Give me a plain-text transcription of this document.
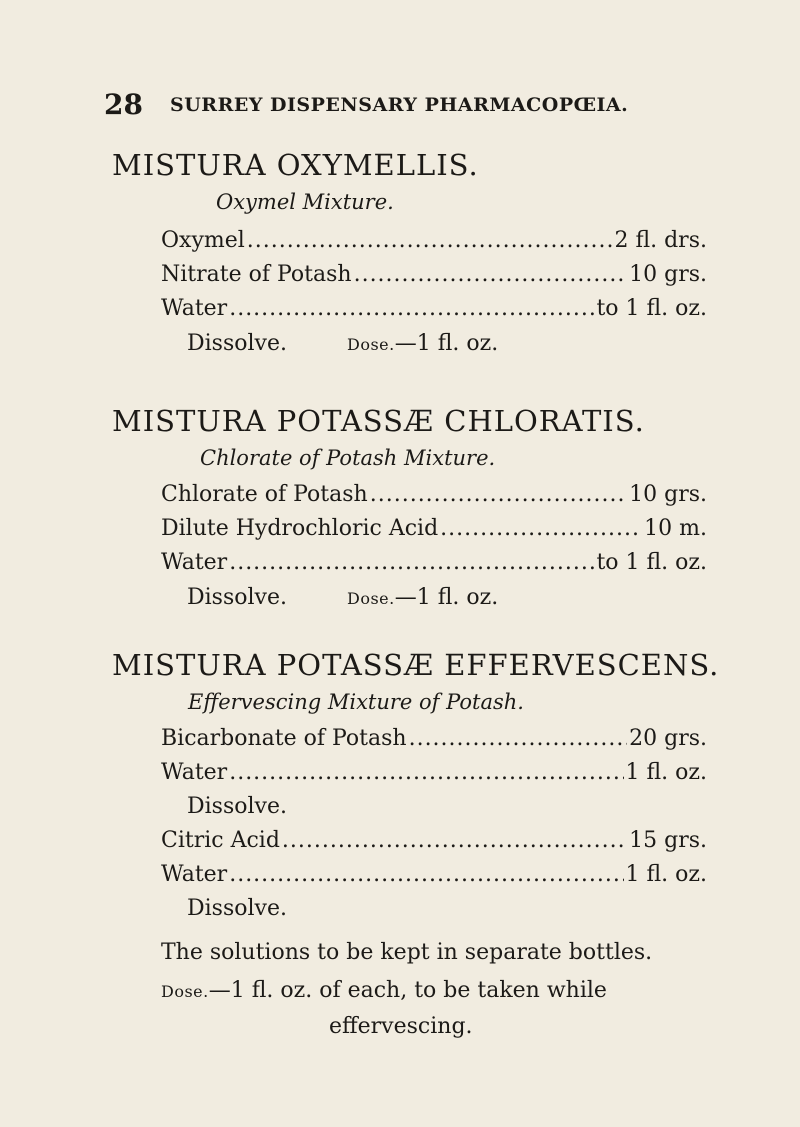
28 SURREY DISPENSARY PHARMACOPŒIA.
MISTURA OXYMELLIS.
Oxymel Mixture.
Oxymel .....	2 fl. drs.
Nitrate of Potash .....	10 grs.
Water .....	to 1 fl. oz.
Dissolve.	Dose.—1 fl. oz.
MISTURA POTASSÆ CHLORATIS.
Chlorate of Potash Mixture.
Chlorate of Potash .....	10 grs.
Dilute Hydrochloric Acid .....	10 m.
Water .....	to 1 fl. oz.
Dissolve.	Dose.—1 fl. oz.
MISTURA POTASSÆ EFFERVESCENS.
Effervescing Mixture of Potash.
Bicarbonate of Potash .....	20 grs.
Water .....	1 fl. oz.
Dissolve.
Citric Acid .....	15 grs.
Water .....	1 fl. oz.
Dissolve.
The solutions to be kept in separate bottles.
Dose.—1 fl. oz. of each, to be taken while
effervescing.
